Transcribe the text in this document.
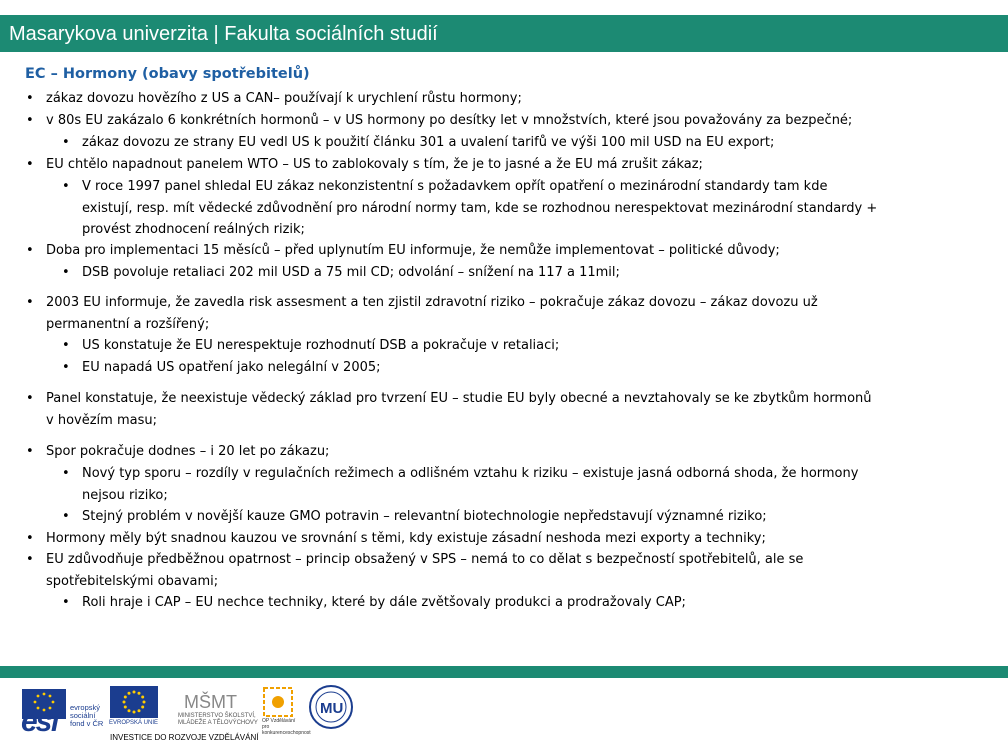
Masarykova univerzita | Fakulta sociálních studií
EC – Hormony (obavy spotřebitelů)
• zákaz dovozu hovězího z US a CAN– používají k urychlení růstu hormony;
• v 80s EU zakázalo 6 konkrétních hormonů – v US hormony po desítky let v množstvích, které jsou považovány za bezpečné;
• zákaz dovozu ze strany EU vedl US k použití článku 301 a uvalení tarifů ve výši 100 mil USD na EU export;
• EU chtělo napadnout panelem WTO – US to zablokovaly s tím, že je to jasné a že EU má zrušit zákaz;
• V roce 1997 panel shledal EU zákaz nekonzistentní s požadavkem opřít opatření o mezinárodní standardy tam kde
existují, resp. mít vědecké zdůvodnění pro národní normy tam, kde se rozhodnou nerespektovat mezinárodní standardy +
provést zhodnocení reálných rizik;
• Doba pro implementaci 15 měsíců – před uplynutím EU informuje, že nemůže implementovat – politické důvody;
• DSB povoluje retaliaci 202 mil USD a 75 mil CD; odvolání – snížení na 117 a 11mil;
• 2003 EU informuje, že zavedla risk assesment a ten zjistil zdravotní riziko – pokračuje zákaz dovozu – zákaz dovozu už
permanentní a rozšířený;
• US konstatuje že EU nerespektuje rozhodnutí DSB a pokračuje v retaliaci;
• EU napadá US opatření jako nelegální v 2005;
• Panel konstatuje, že neexistuje vědecký základ pro tvrzení EU – studie EU byly obecné a nevztahovaly se ke zbytkům hormonů
v hovězím masu;
• Spor pokračuje dodnes – i 20 let po zákazu;
• Nový typ sporu – rozdíly v regulačních režimech a odlišném vztahu k riziku – existuje jasná odborná shoda, že hormony
nejsou riziko;
• Stejný problém v novější kauze GMO potravin – relevantní biotechnologie nepředstavují významné riziko;
• Hormony měly být snadnou kauzou ve srovnání s těmi, kdy existuje zásadní neshoda mezi exporty a techniky;
• EU zdůvodňuje předběžnou opatrnost – princip obsažený v SPS – nemá to co dělat s bezpečností spotřebitelů, ale se
spotřebitelskými obavami;
• Roli hraje i CAP – EU nechce techniky, které by dále zvětšovaly produkci a prodražovaly CAP;
esf evropský sociální fond v ČR EVROPSKÁ UNIE
MŠMT
MINISTERSTVO ŠKOLSTVÍ, MLÁDEŽE A TĚLOVÝCHOVY OP Vzdělávání pro konkurenceschopnost
MU
INVESTICE DO ROZVOJE VZDĚLÁVÁNÍ
